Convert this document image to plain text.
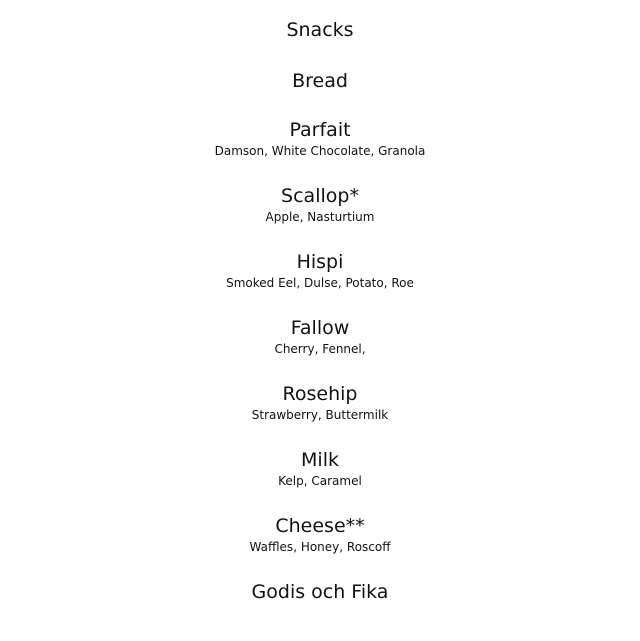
Snacks
Bread
Parfait
Damson, White Chocolate, Granola
Scallop*
Apple, Nasturtium
Hispi
Smoked Eel, Dulse, Potato, Roe
Fallow
Cherry, Fennel,
Rosehip
Strawberry, Buttermilk
Milk
Kelp, Caramel
Cheese**
Waffles, Honey, Roscoff
Godis och Fika
